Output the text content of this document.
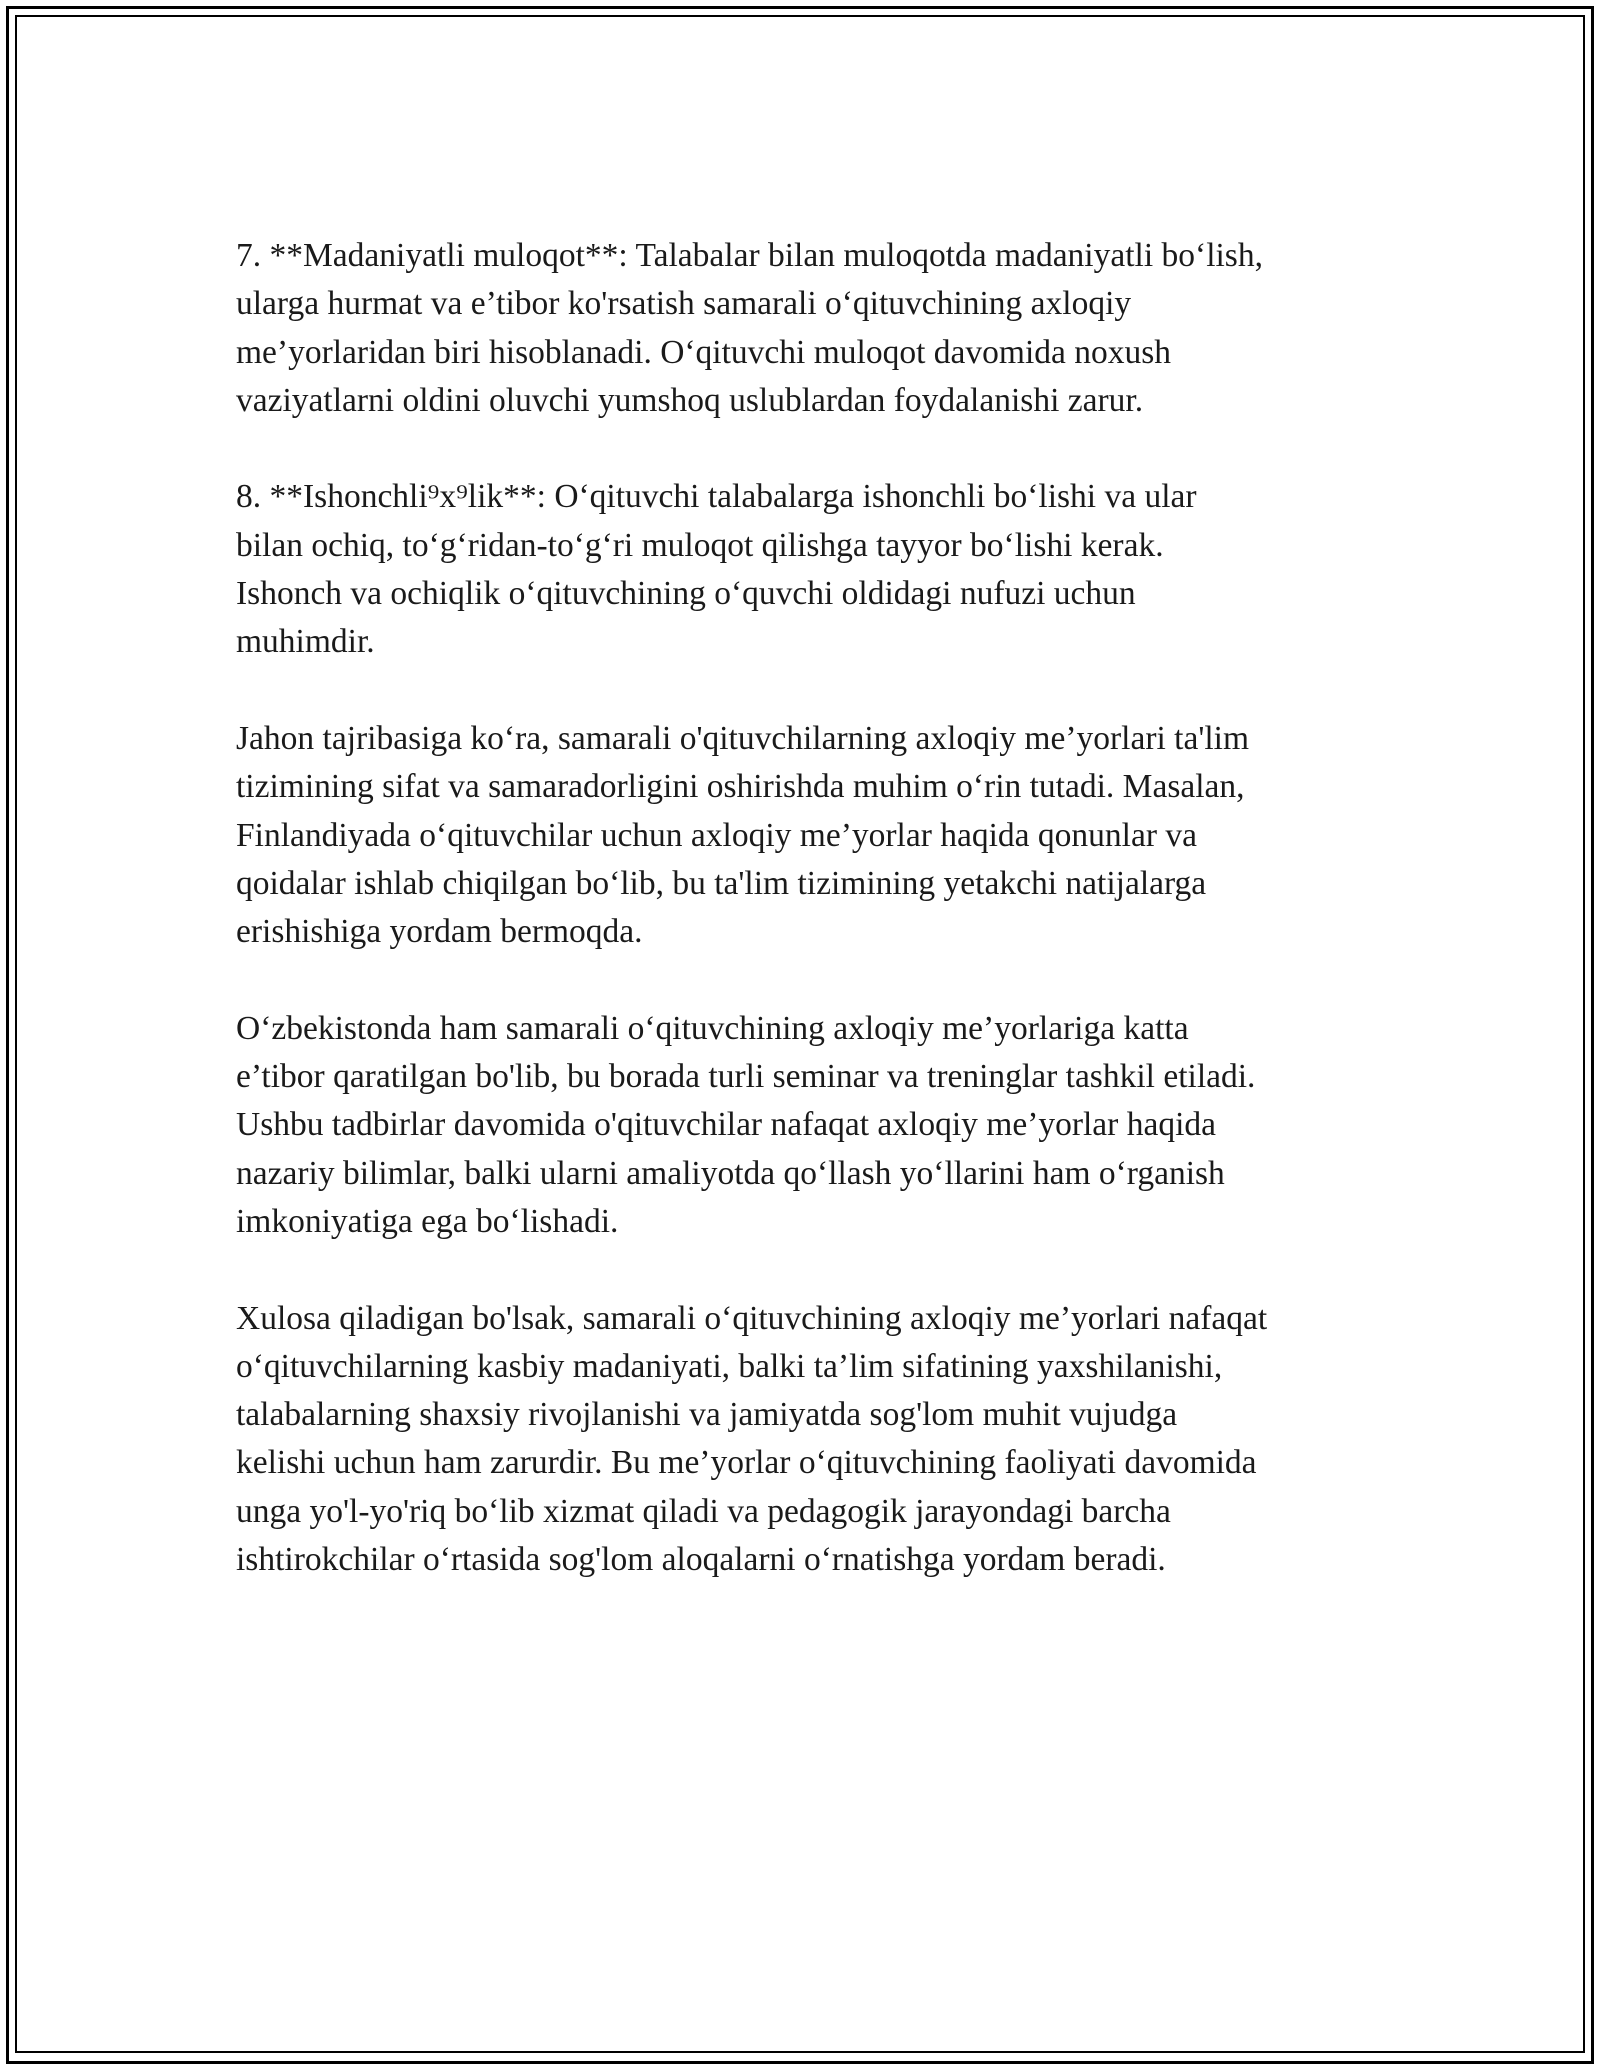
7. **Madaniyatli muloqot**: Talabalar bilan muloqotda madaniyatli bo‘lish,
ularga hurmat va e’tibor ko'rsatish samarali o‘qituvchining axloqiy
me’yorlaridan biri hisoblanadi. O‘qituvchi muloqot davomida noxush
vaziyatlarni oldini oluvchi yumshoq uslublardan foydalanishi zarur.

8. **Ishonchli⁹x⁹lik**: O‘qituvchi talabalarga ishonchli bo‘lishi va ular
bilan ochiq, to‘g‘ridan-to‘g‘ri muloqot qilishga tayyor bo‘lishi kerak.
Ishonch va ochiqlik o‘qituvchining o‘quvchi oldidagi nufuzi uchun
muhimdir.

Jahon tajribasiga ko‘ra, samarali o'qituvchilarning axloqiy me’yorlari ta'lim
tizimining sifat va samaradorligini oshirishda muhim o‘rin tutadi. Masalan,
Finlandiyada o‘qituvchilar uchun axloqiy me’yorlar haqida qonunlar va
qoidalar ishlab chiqilgan bo‘lib, bu ta'lim tizimining yetakchi natijalarga
erishishiga yordam bermoqda.

O‘zbekistonda ham samarali o‘qituvchining axloqiy me’yorlariga katta
e’tibor qaratilgan bo'lib, bu borada turli seminar va treninglar tashkil etiladi.
Ushbu tadbirlar davomida o'qituvchilar nafaqat axloqiy me’yorlar haqida
nazariy bilimlar, balki ularni amaliyotda qo‘llash yo‘llarini ham o‘rganish
imkoniyatiga ega bo‘lishadi.

Xulosa qiladigan bo'lsak, samarali o‘qituvchining axloqiy me’yorlari nafaqat
o‘qituvchilarning kasbiy madaniyati, balki ta’lim sifatining yaxshilanishi,
talabalarning shaxsiy rivojlanishi va jamiyatda sog'lom muhit vujudga
kelishi uchun ham zarurdir. Bu me’yorlar o‘qituvchining faoliyati davomida
unga yo'l-yo'riq bo‘lib xizmat qiladi va pedagogik jarayondagi barcha
ishtirokchilar o‘rtasida sog'lom aloqalarni o‘rnatishga yordam beradi.
